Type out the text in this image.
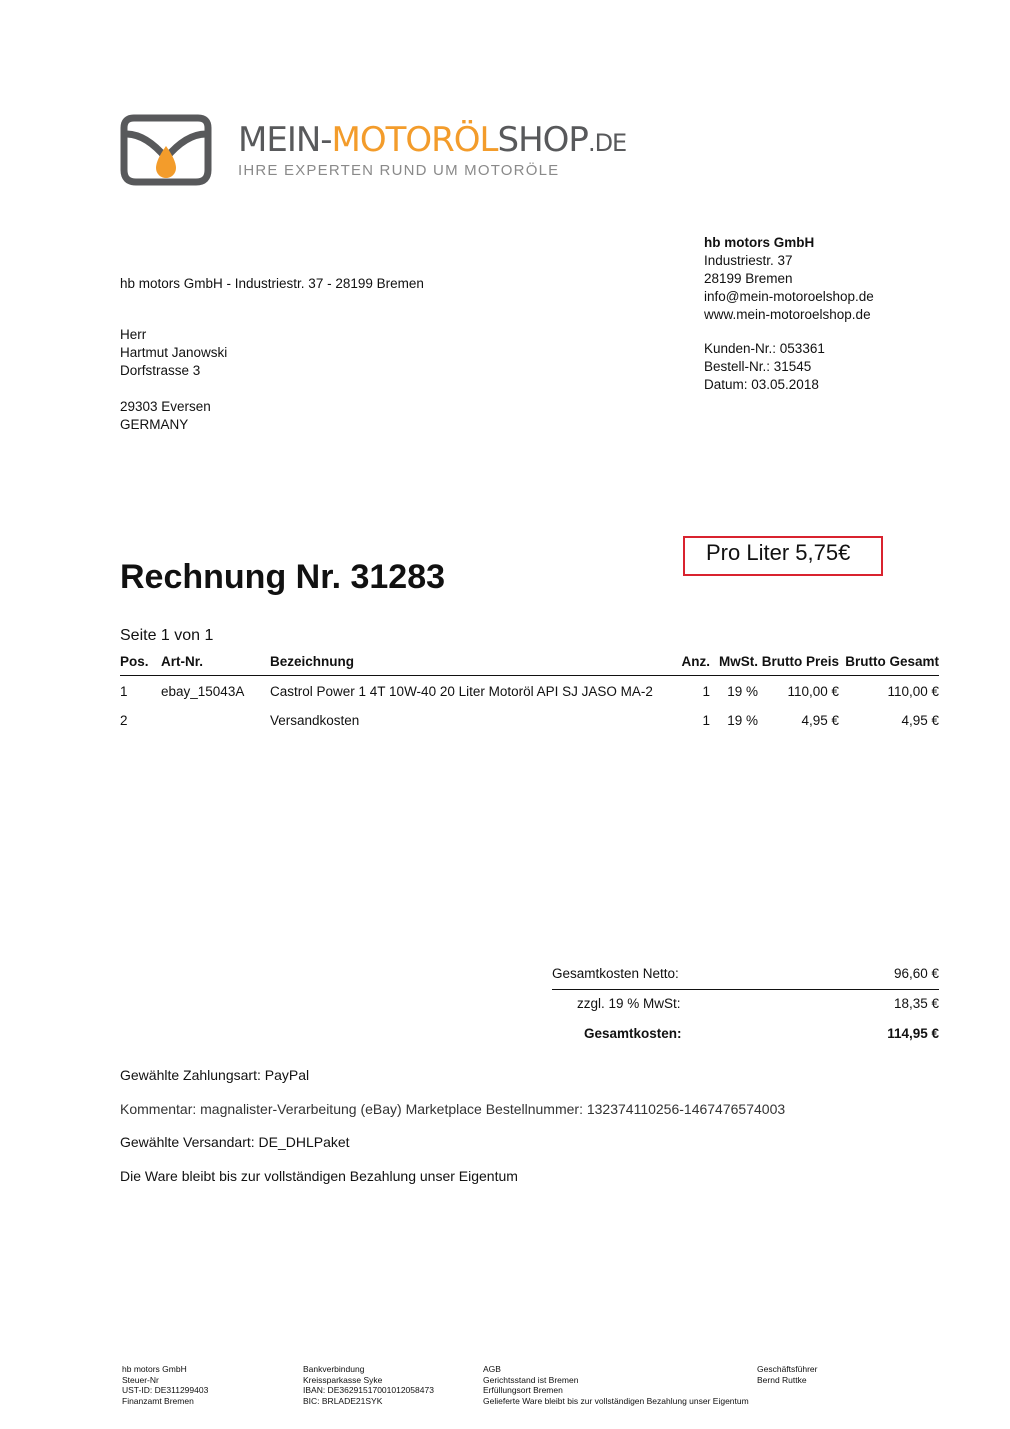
MEIN-MOTORÖLSHOP.DE
IHRE EXPERTEN RUND UM MOTORÖLE
hb motors GmbH - Industriestr. 37 - 28199 Bremen
Herr
Hartmut Janowski
Dorfstrasse 3
29303 Eversen
GERMANY
hb motors GmbH
Industriestr. 37
28199 Bremen
info@mein-motoroelshop.de
www.mein-motoroelshop.de
Kunden-Nr.: 053361
Bestell-Nr.: 31545
Datum: 03.05.2018
Pro Liter 5,75€
Rechnung Nr. 31283
Seite 1 von 1
Pos.	Art-Nr.	Bezeichnung	Anz.	MwSt.	Brutto Preis	Brutto Gesamt
1	ebay_15043A	Castrol Power 1 4T 10W-40 20 Liter Motoröl API SJ JASO MA-2	1	19 %	110,00 €	110,00 €
2		Versandkosten	1	19 %	4,95 €	4,95 €
Gesamtkosten Netto:	96,60 €
zzgl. 19 % MwSt:	18,35 €
Gesamtkosten:	114,95 €
Gewählte Zahlungsart: PayPal
Kommentar: magnalister-Verarbeitung (eBay) Marketplace Bestellnummer: 132374110256-1467476574003
Gewählte Versandart: DE_DHLPaket
Die Ware bleibt bis zur vollständigen Bezahlung unser Eigentum
hb motors GmbH
Steuer-Nr
UST-ID: DE311299403
Finanzamt Bremen
Bankverbindung
Kreissparkasse Syke
IBAN: DE36291517001012058473
BIC: BRLADE21SYK
AGB
Gerichtsstand ist Bremen
Erfüllungsort Bremen
Gelieferte Ware bleibt bis zur vollständigen Bezahlung unser Eigentum
Geschäftsführer
Bernd Ruttke
